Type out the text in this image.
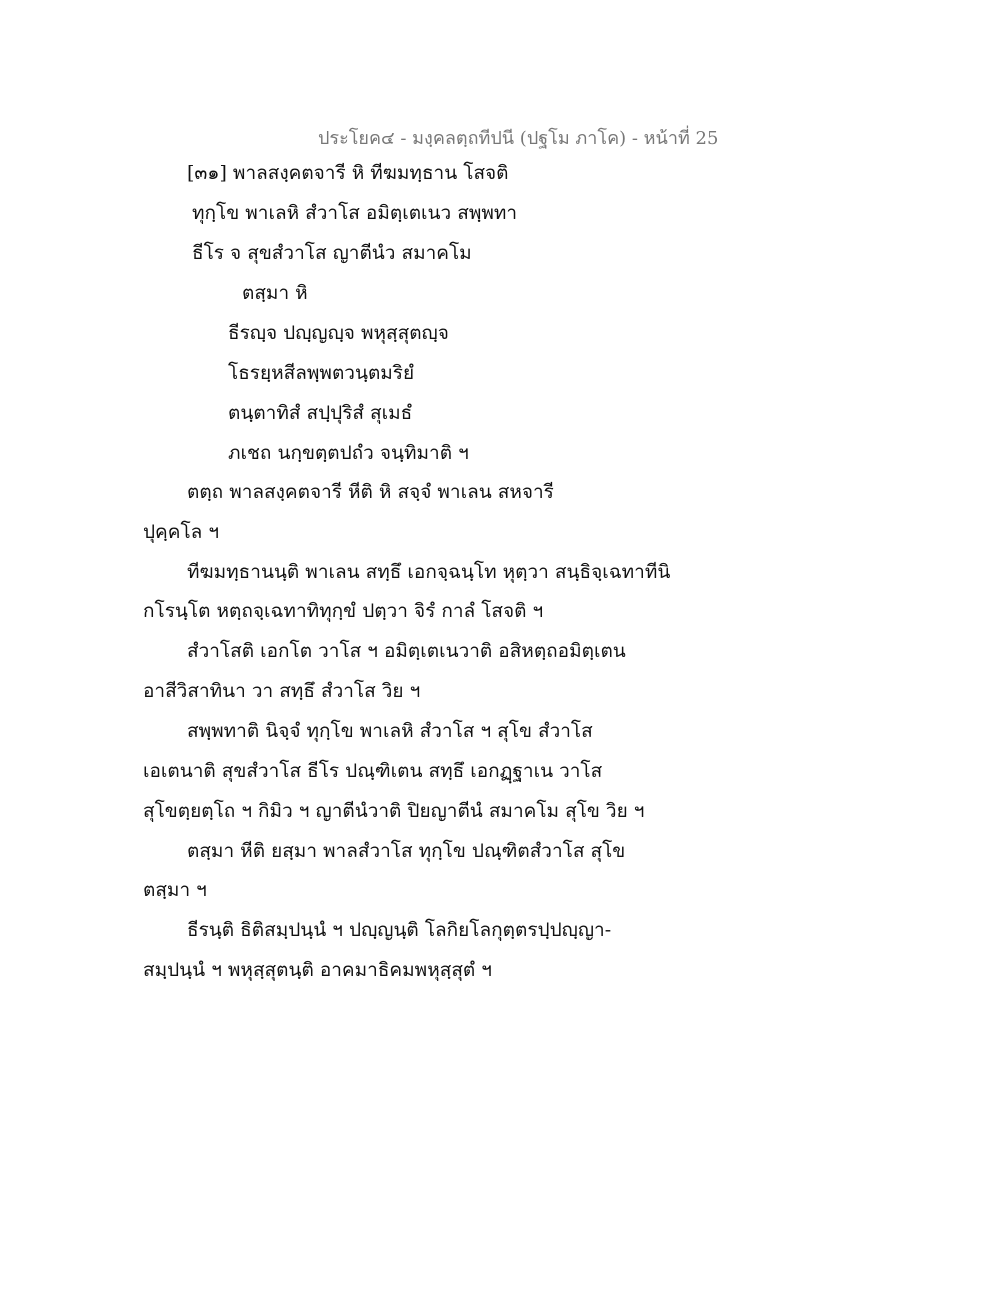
ประโยค๔ - มงฺคลตฺถทีปนี (ปฐโม ภาโค) - หน้าที่ 25
[๓๑] พาลสงฺคตจารี หิ ทีฆมทฺธาน โสจติ
ทุกฺโข พาเลหิ สํวาโส อมิตฺเตเนว สพฺพทา
ธีโร จ สุขสํวาโส ญาตีนํว สมาคโม
ตสฺมา หิ
ธีรญฺจ ปญฺญญฺจ พหุสฺสุตญฺจ
โธรยฺหสีลพฺพตวนฺตมริยํ
ตนฺตาทิสํ สปฺปุริสํ สุเมธํ
ภเชถ นกฺขตฺตปถํว จนฺทิมาติ ฯ
ตตฺถ พาลสงฺคตจารี หีติ หิ สจฺจํ พาเลน สหจารี
ปุคฺคโล ฯ
ทีฆมทฺธานนฺติ พาเลน สทฺธึ เอกจฺฉนฺโท หุตฺวา สนฺธิจฺเฉทาทีนิ
กโรนฺโต หตฺถจฺเฉทาทิทุกฺขํ ปตฺวา จิรํ กาลํ โสจติ ฯ
สํวาโสติ เอกโต วาโส ฯ อมิตฺเตเนวาติ อสิหตฺถอมิตฺเตน
อาสีวิสาทินา วา สทฺธึ สํวาโส วิย ฯ
สพฺพทาติ นิจฺจํ ทุกฺโข พาเลหิ สํวาโส ฯ สุโข สํวาโส
เอเตนาติ สุขสํวาโส ธีโร ปณฺฑิเตน สทฺธึ เอกฏฺฐาเน วาโส
สุโขตฺยตฺโถ ฯ กิมิว ฯ ญาตีนํวาติ ปิยญาตีนํ สมาคโม สุโข วิย ฯ
ตสฺมา หีติ ยสฺมา พาลสํวาโส ทุกฺโข ปณฺฑิตสํวาโส สุโข
ตสฺมา ฯ
ธีรนฺติ ธิติสมฺปนฺนํ ฯ ปญฺญนฺติ โลกิยโลกุตฺตรปฺปญฺญา-
สมฺปนฺนํ ฯ พหุสฺสุตนฺติ อาคมาธิคมพหุสฺสุตํ ฯ
